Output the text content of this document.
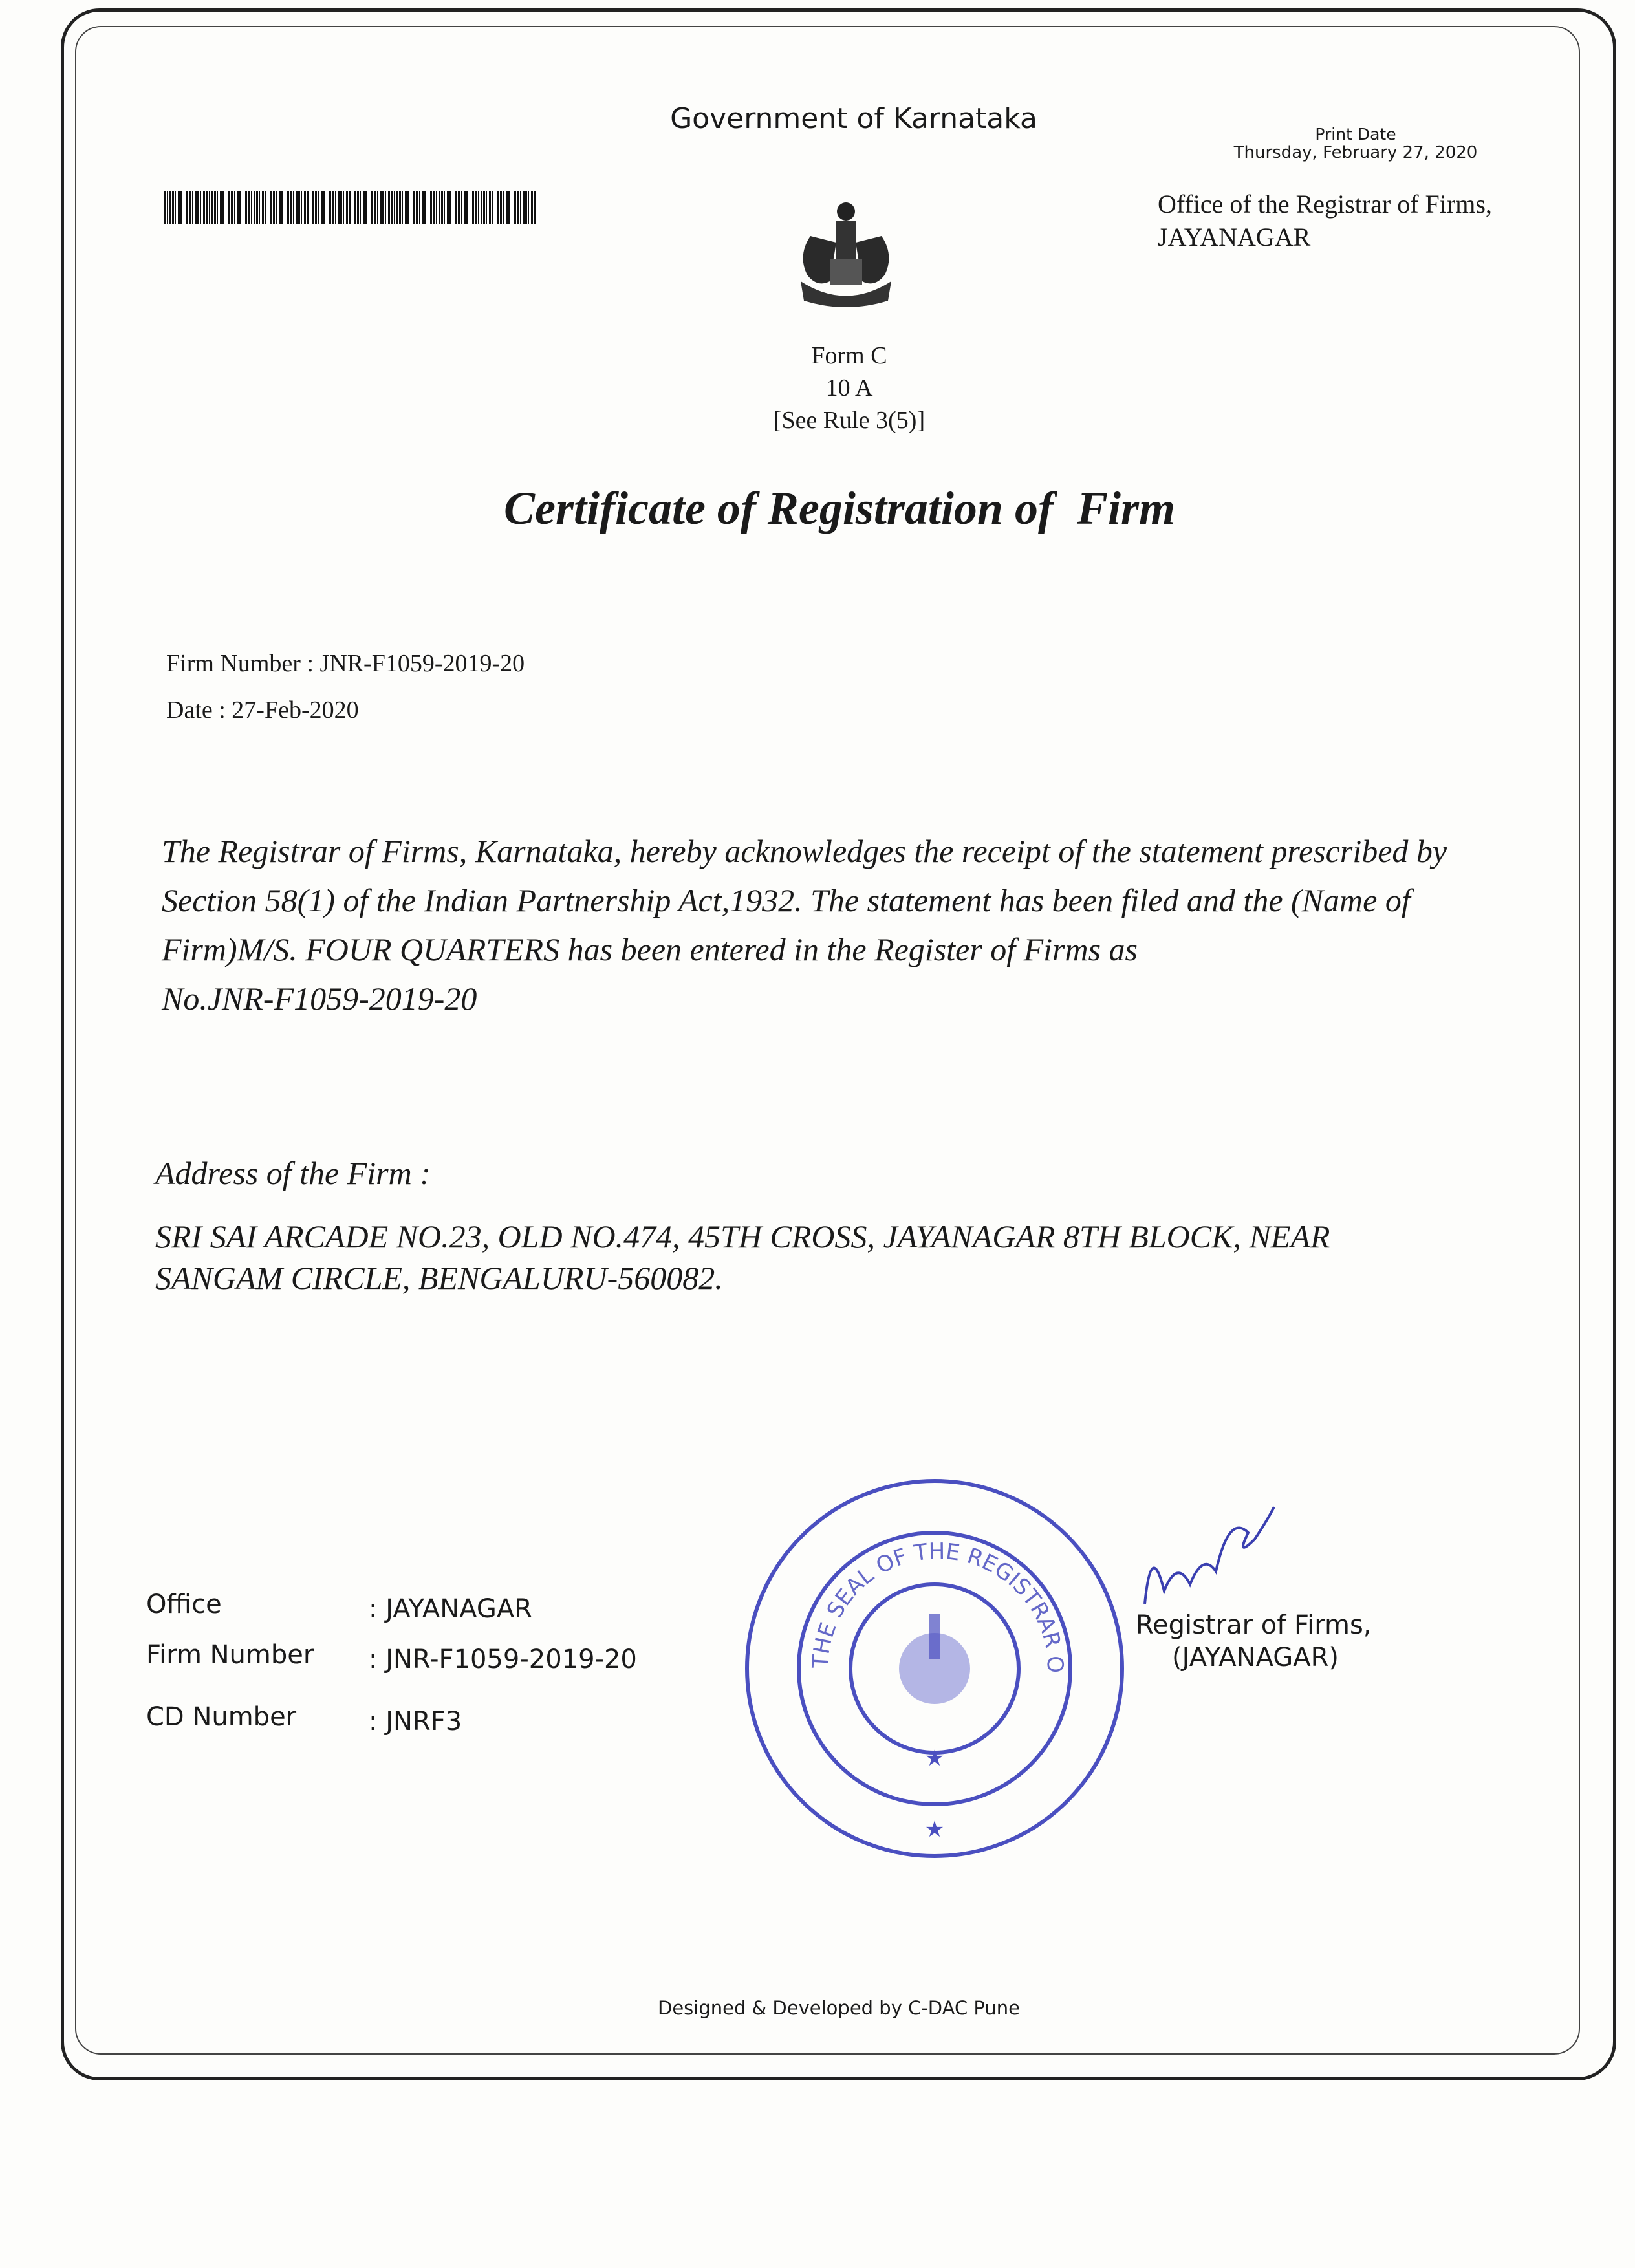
Government of Karnataka	Print Date
Thursday, February 27, 2020
Office of the Registrar of Firms,
JAYANAGAR
Form C
10 A
[See Rule 3(5)]
Certificate of Registration of  Firm
Firm Number : JNR-F1059-2019-20
Date : 27-Feb-2020
The Registrar of Firms, Karnataka, hereby acknowledges the receipt of the statement prescribed by
Section 58(1) of the Indian Partnership Act,1932. The statement has been filed and the (Name of
Firm)M/S. FOUR QUARTERS has been entered in the Register of Firms as
No.JNR-F1059-2019-20
Address of the Firm :
SRI SAI ARCADE NO.23, OLD NO.474, 45TH CROSS, JAYANAGAR 8TH BLOCK, NEAR
SANGAM CIRCLE, BENGALURU-560082.
Office	: JAYANAGAR
Firm Number : JNR-F1059-2019-20
CD Number	: JNRF3
THE SEAL OF THE REGISTRAR O
★
★
Registrar of Firms,
(JAYANAGAR)
Designed & Developed by C-DAC Pune
